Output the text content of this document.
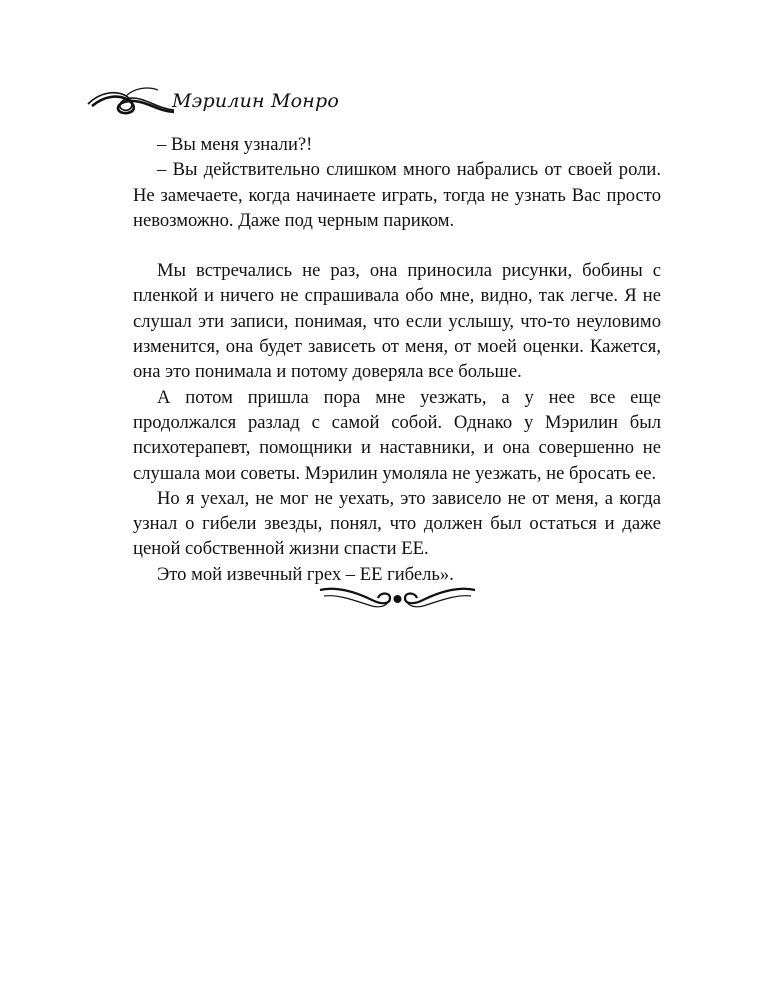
Мэрилин Монро

– Вы меня узнали?!

– Вы действительно слишком много набрались от своей роли. Не замечаете, когда начинаете играть, тогда не узнать Вас просто невозможно. Даже под черным париком.

Мы встречались не раз, она приносила рисунки, бобины с пленкой и ничего не спрашивала обо мне, видно, так легче. Я не слушал эти записи, понимая, что если услышу, что-то неуловимо изменится, она будет зависеть от меня, от моей оценки. Кажется, она это понимала и потому доверяла все больше.

А потом пришла пора мне уезжать, а у нее все еще продолжался разлад с самой собой. Однако у Мэрилин был психотерапевт, помощники и наставники, и она совершенно не слушала мои советы. Мэрилин умоляла не уезжать, не бросать ее.

Но я уехал, не мог не уехать, это зависело не от меня, а когда узнал о гибели звезды, понял, что должен был остаться и даже ценой собственной жизни спасти ЕЕ.

Это мой извечный грех – ЕЕ гибель».
